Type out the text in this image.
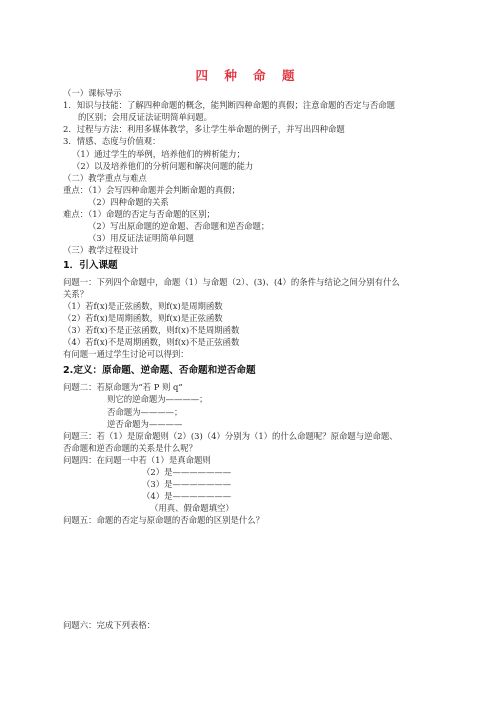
四 种 命 题
（一）课标导示
1．知识与技能：了解四种命题的概念，能判断四种命题的真假；注意命题的否定与否命题
的区别；会用反证法证明简单问题。
2．过程与方法：利用多媒体教学，多让学生举命题的例子，并写出四种命题
3．情感、态度与价值观：
（1）通过学生的举例，培养他们的辨析能力；
（2）以及培养他们的分析问题和解决问题的能力
（二）教学重点与难点
重点：（1）会写四种命题并会判断命题的真假；
（2）四种命题的关系
难点：（1）命题的否定与否命题的区别；
（2）写出原命题的逆命题、否命题和逆否命题；
（3）用反证法证明简单问题
（三）教学过程设计
1．引入课题
问题一：下列四个命题中，命题（1）与命题（2）、(3)、(4）的条件与结论之间分别有什么
关系？
（1）若f(x)是正弦函数，则f(x)是周期函数
（2）若f(x)是周期函数，则f(x)是正弦函数
（3）若f(x)不是正弦函数，则f(x)不是周期函数
（4）若f(x)不是周期函数，则f(x)不是正弦函数
有问题一通过学生讨论可以得到：
2.定义：原命题、逆命题、否命题和逆否命题
问题二：若原命题为“若 P 则 q”
则它的逆命题为————；
否命题为————；
逆否命题为————
问题三：若（1）是原命题则（2）(3)（4）分别为（1）的什么命题呢？原命题与逆命题、
否命题和逆否命题的关系是什么呢？
问题四：在问题一中若（1）是真命题则
（2）是———————
（3）是———————
（4）是———————
（用真、假命题填空）
问题五：命题的否定与原命题的否命题的区别是什么？
问题六：完成下列表格：
